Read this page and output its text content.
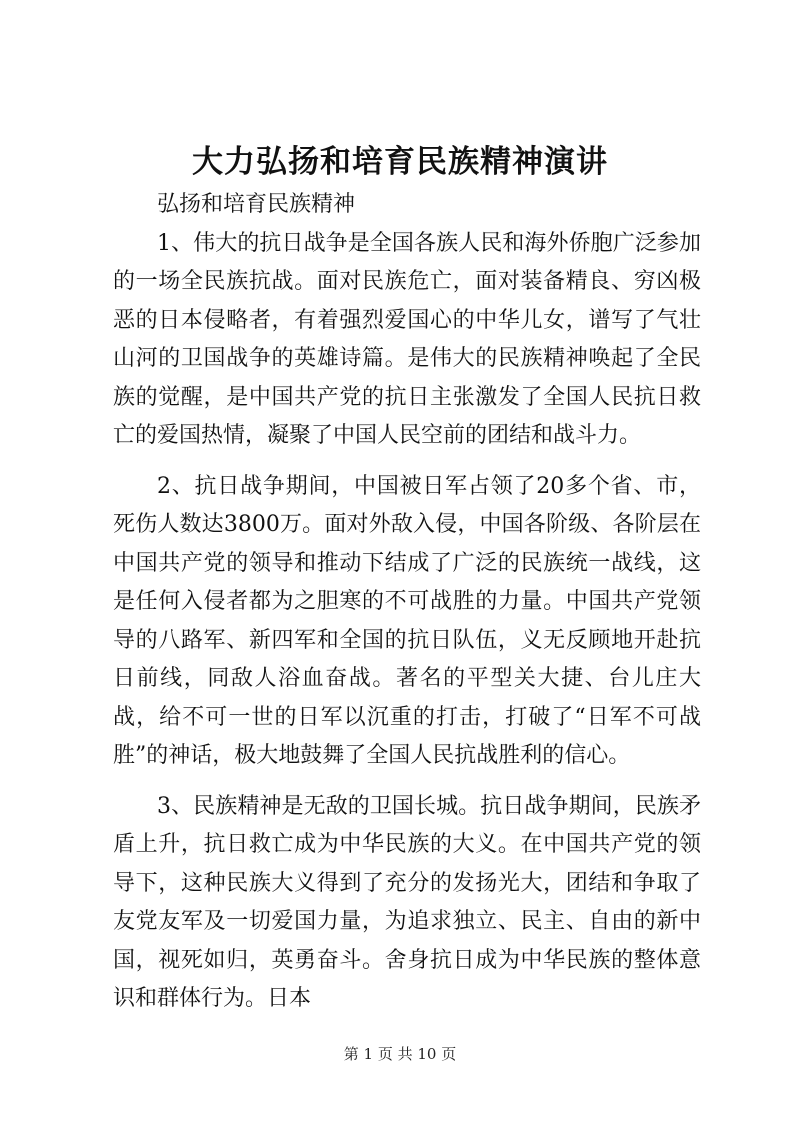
大力弘扬和培育民族精神演讲

弘扬和培育民族精神

1、伟大的抗日战争是全国各族人民和海外侨胞广泛参加的一场全民族抗战。面对民族危亡，面对装备精良、穷凶极恶的日本侵略者，有着强烈爱国心的中华儿女，谱写了气壮山河的卫国战争的英雄诗篇。是伟大的民族精神唤起了全民族的觉醒，是中国共产党的抗日主张激发了全国人民抗日救亡的爱国热情，凝聚了中国人民空前的团结和战斗力。

2、抗日战争期间，中国被日军占领了20多个省、市，死伤人数达3800万。面对外敌入侵，中国各阶级、各阶层在中国共产党的领导和推动下结成了广泛的民族统一战线，这是任何入侵者都为之胆寒的不可战胜的力量。中国共产党领导的八路军、新四军和全国的抗日队伍，义无反顾地开赴抗日前线，同敌人浴血奋战。著名的平型关大捷、台儿庄大战，给不可一世的日军以沉重的打击，打破了“日军不可战胜”的神话，极大地鼓舞了全国人民抗战胜利的信心。

3、民族精神是无敌的卫国长城。抗日战争期间，民族矛盾上升，抗日救亡成为中华民族的大义。在中国共产党的领导下，这种民族大义得到了充分的发扬光大，团结和争取了友党友军及一切爱国力量，为追求独立、民主、自由的新中国，视死如归，英勇奋斗。舍身抗日成为中华民族的整体意识和群体行为。日本

第 1 页 共 10 页
